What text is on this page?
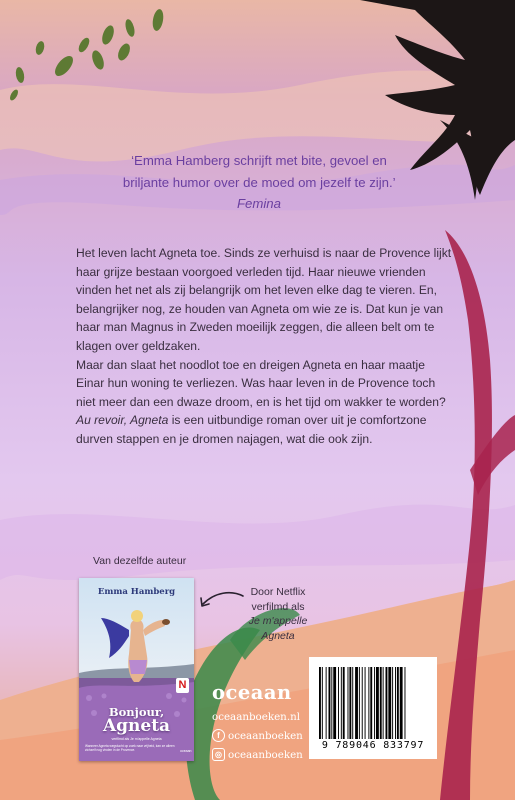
‘Emma Hamberg schrijft met bite, gevoel en briljante humor over de moed om jezelf te zijn.’ Femina

Het leven lacht Agneta toe. Sinds ze verhuisd is naar de Provence lijkt haar grijze bestaan voorgoed verleden tijd. Haar nieuwe vrienden vinden het net als zij belangrijk om het leven elke dag te vieren. En, belangrijker nog, ze houden van Agneta om wie ze is. Dat kun je van haar man Magnus in Zweden moeilijk zeggen, die alleen belt om te klagen over geldzaken.

Maar dan slaat het noodlot toe en dreigen Agneta en haar maatje Einar hun woning te verliezen. Was haar leven in de Provence toch niet meer dan een dwaze droom, en is het tijd om wakker te worden?

Au revoir, Agneta is een uitbundige roman over uit je comfortzone durven stappen en je dromen najagen, wat die ook zijn.

Van dezelfde auteur
Emma Hamberg
N
Bonjour,
Agneta
verfilmd als Je m'appelle Agneta
Wanneer Agneta wegvlucht op zoek naar vrijheid, kan ze alleen zichzelf nog vinden in de Provence.	oceaan
Door Netflix
verfilmd als
Je m'appelle Agneta
oceaan
oceaanboeken.nl
f oceaanboeken
◎ oceaanboeken
9 789046 833797
